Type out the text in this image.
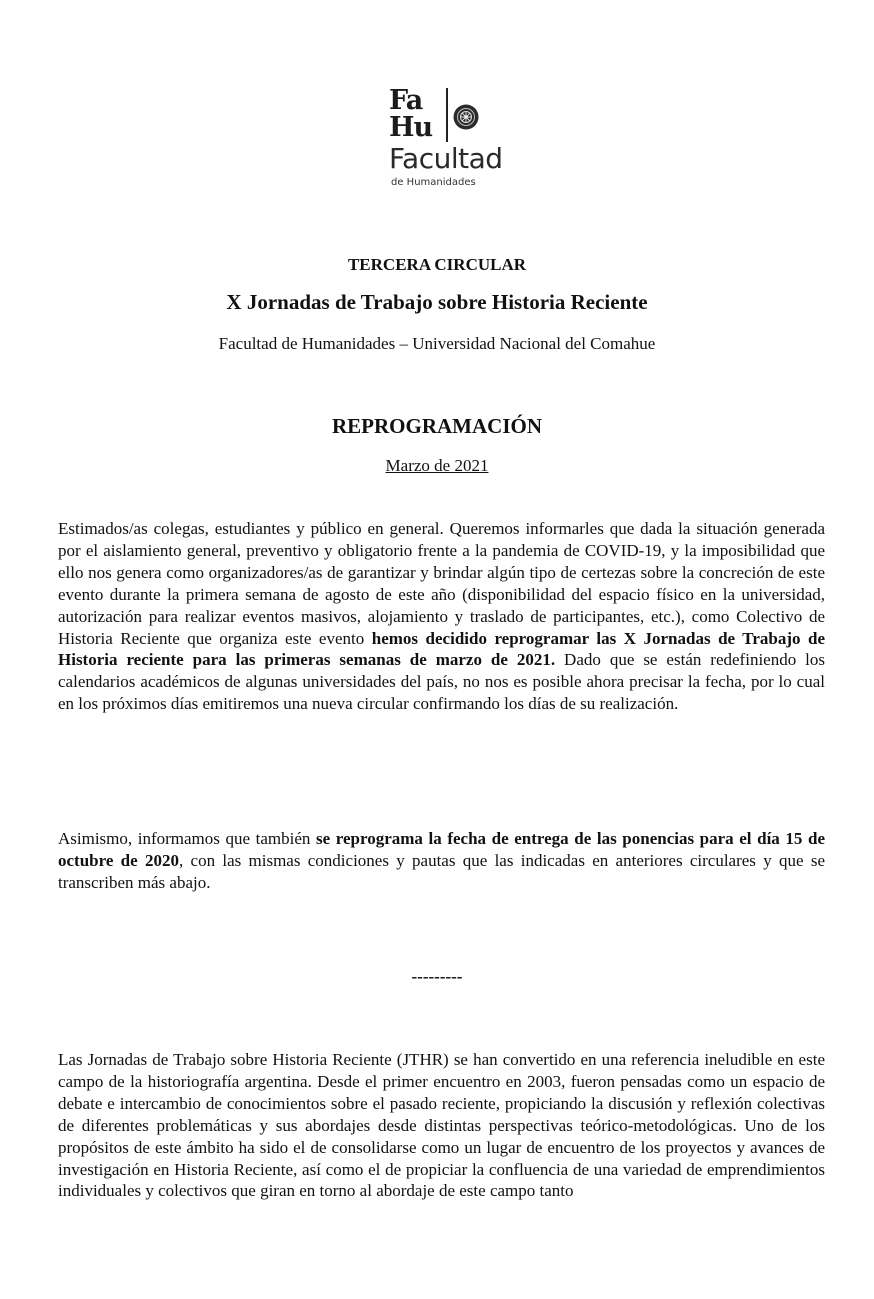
Fa
Hu
Facultad
de Humanidades
TERCERA CIRCULAR
X Jornadas de Trabajo sobre Historia Reciente
Facultad de Humanidades – Universidad Nacional del Comahue
REPROGRAMACIÓN
Marzo de 2021

Estimados/as colegas, estudiantes y público en general. Queremos informarles que dada la situación generada por el aislamiento general, preventivo y obligatorio frente a la pandemia de COVID-19, y la imposibilidad que ello nos genera como organizadores/as de garantizar y brindar algún tipo de certezas sobre la concreción de este evento durante la primera semana de agosto de este año (disponibilidad del espacio físico en la universidad, autorización para realizar eventos masivos, alojamiento y traslado de participantes, etc.), como Colectivo de Historia Reciente que organiza este evento hemos decidido reprogramar las X Jornadas de Trabajo de Historia reciente para las primeras semanas de marzo de 2021. Dado que se están redefiniendo los calendarios académicos de algunas universidades del país, no nos es posible ahora precisar la fecha, por lo cual en los próximos días emitiremos una nueva circular confirmando los días de su realización.

Asimismo, informamos que también se reprograma la fecha de entrega de las ponencias para el día 15 de octubre de 2020, con las mismas condiciones y pautas que las indicadas en anteriores circulares y que se transcriben más abajo.

---------

Las Jornadas de Trabajo sobre Historia Reciente (JTHR) se han convertido en una referencia ineludible en este campo de la historiografía argentina. Desde el primer encuentro en 2003, fueron pensadas como un espacio de debate e intercambio de conocimientos sobre el pasado reciente, propiciando la discusión y reflexión colectivas de diferentes problemáticas y sus abordajes desde distintas perspectivas teórico-metodológicas. Uno de los propósitos de este ámbito ha sido el de consolidarse como un lugar de encuentro de los proyectos y avances de investigación en Historia Reciente, así como el de propiciar la confluencia de una variedad de emprendimientos individuales y colectivos que giran en torno al abordaje de este campo tanto
